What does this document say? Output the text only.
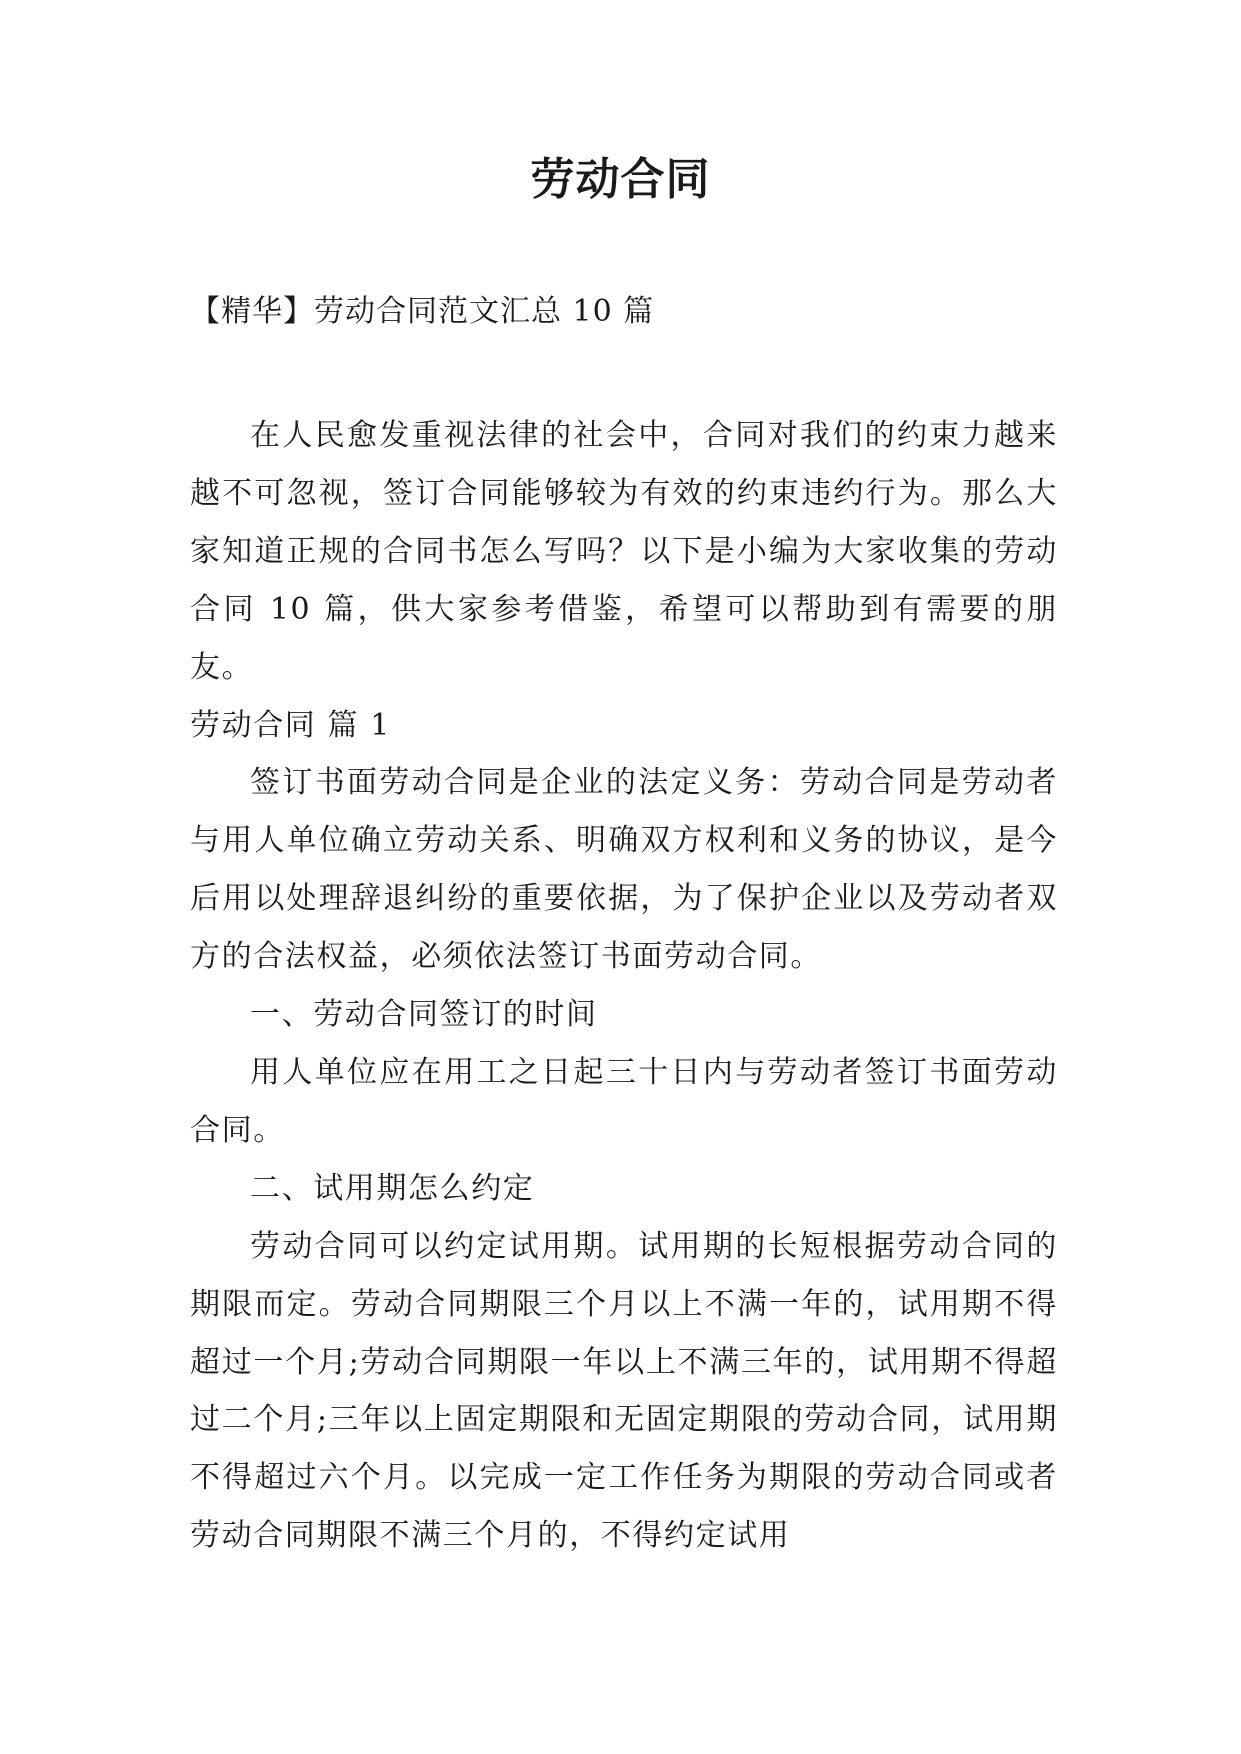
劳动合同

【精华】劳动合同范文汇总 10 篇

在人民愈发重视法律的社会中，合同对我们的约束力越来越不可忽视，签订合同能够较为有效的约束违约行为。那么大家知道正规的合同书怎么写吗？以下是小编为大家收集的劳动合同 10 篇，供大家参考借鉴，希望可以帮助到有需要的朋友。

劳动合同 篇 1

签订书面劳动合同是企业的法定义务：劳动合同是劳动者与用人单位确立劳动关系、明确双方权利和义务的协议，是今后用以处理辞退纠纷的重要依据，为了保护企业以及劳动者双方的合法权益，必须依法签订书面劳动合同。

一、劳动合同签订的时间

用人单位应在用工之日起三十日内与劳动者签订书面劳动合同。

二、试用期怎么约定

劳动合同可以约定试用期。试用期的长短根据劳动合同的期限而定。劳动合同期限三个月以上不满一年的，试用期不得超过一个月;劳动合同期限一年以上不满三年的，试用期不得超过二个月;三年以上固定期限和无固定期限的劳动合同，试用期不得超过六个月。以完成一定工作任务为期限的劳动合同或者劳动合同期限不满三个月的，不得约定试用
